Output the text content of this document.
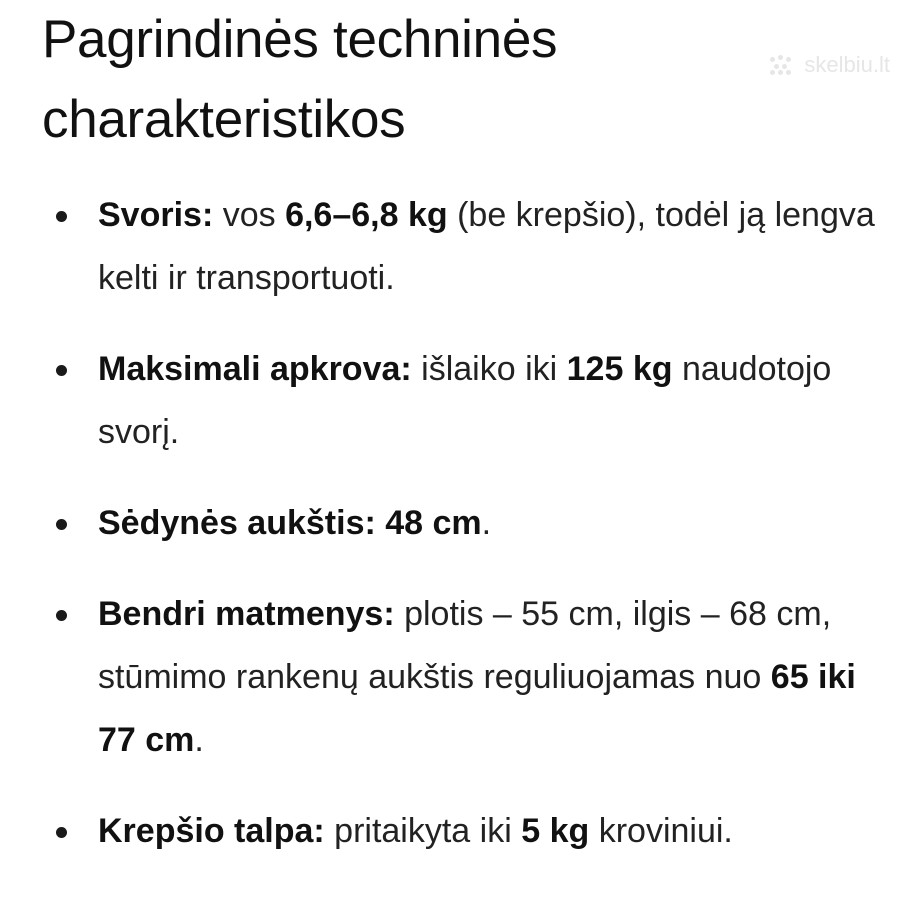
Pagrindinės techninės charakteristikos
skelbiu.lt
Svoris: vos 6,6–6,8 kg (be krepšio), todėl ją lengva kelti ir transportuoti.
Maksimali apkrova: išlaiko iki 125 kg naudotojo svorį.
Sėdynės aukštis: 48 cm.
Bendri matmenys: plotis – 55 cm, ilgis – 68 cm, stūmimo rankenų aukštis reguliuojamas nuo 65 iki 77 cm.
Krepšio talpa: pritaikyta iki 5 kg kroviniui.
